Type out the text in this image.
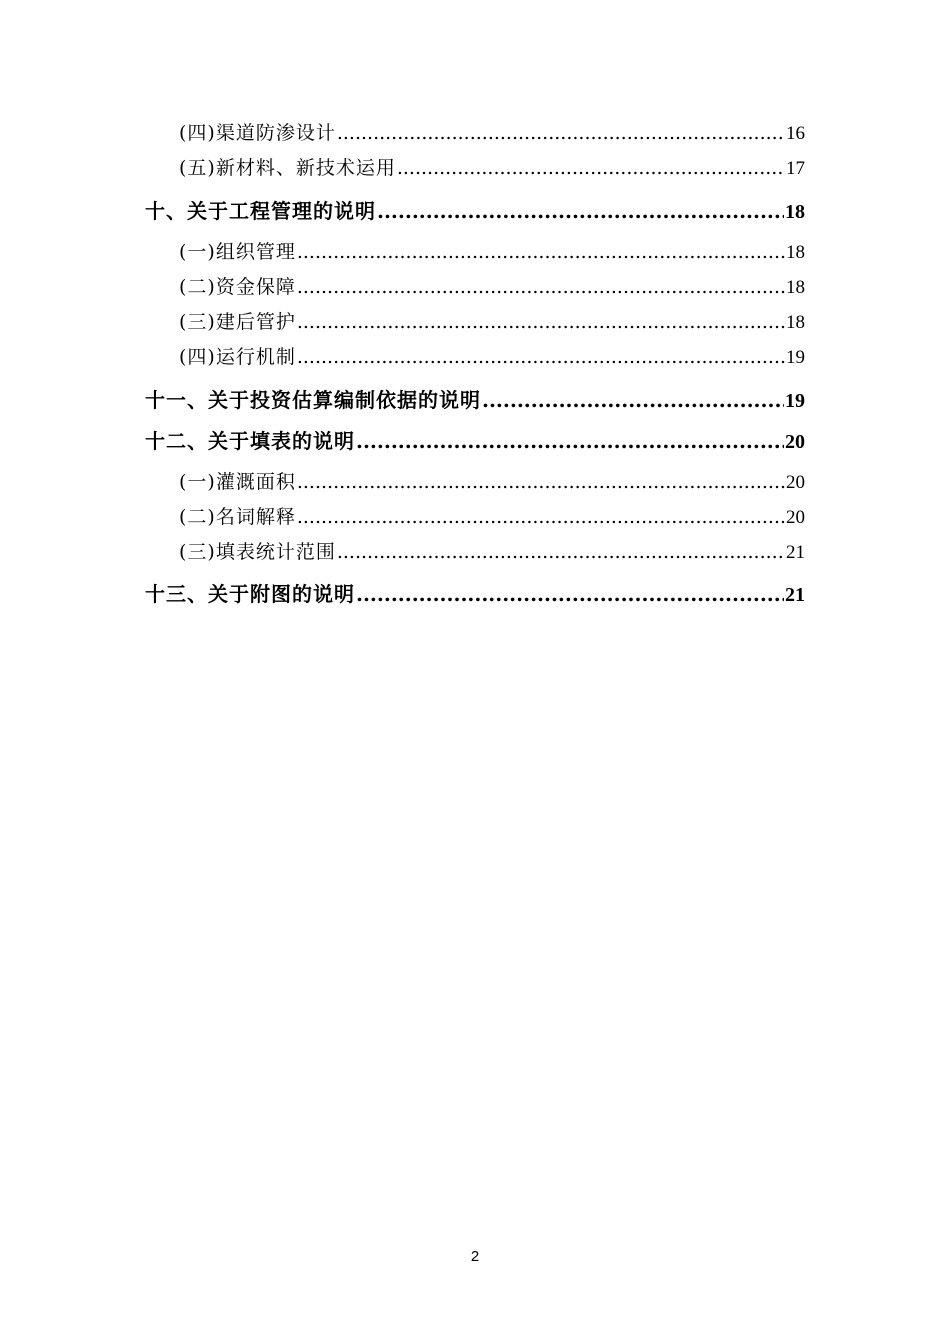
(四)渠道防渗设计 .....	16
(五)新材料、新技术运用 .....	17
十、关于工程管理的说明 .....	18
(一)组织管理 .....	18
(二)资金保障 .....	18
(三)建后管护 .....	18
(四)运行机制 .....	19
十一、关于投资估算编制依据的说明 .....	19
十二、关于填表的说明 .....	20
(一)灌溉面积 .....	20
(二)名词解释 .....	20
(三)填表统计范围 .....	21
十三、关于附图的说明 .....	21
2
